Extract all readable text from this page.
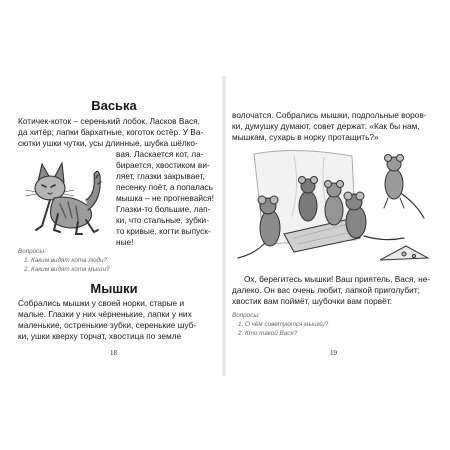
Васька
Котичек-коток – серенький лобок. Ласков Вася,
да хитёр; лапки бархатные, коготок остёр. У Ва-
сютки ушки чутки, усы длинные, шубка шёлко-
вая. Ласкается кот, ла-
бирается, хвостиком ви-
ляет, глазки закрывает,
песенку поёт, а попалась
мышка – не прогневайся!
Глазки-то большие, лап-
ки, что стальные, зубки-
то кривые, когти выпуск-
ные!
Вопросы:
1. Каким видят кота люди?
2. Каким видят кота мыши?
Мышки
Собрались мышки у своей норки, старые и
малые. Глазки у них чёрненькие, лапки у них
маленькие, остренькие зубки, серенькие шуб-
ки, ушки кверху торчат, хвостица по земле
18
волочатся. Собрались мышки, подпольные воров-
ки, думушку думают, совет держат: «Как бы нам,
мышкам, сухарь в норку протащить?»
Ох, берегитесь мышки! Ваш приятель, Вася, не-
далеко. Он вас очень любит, лапкой приголубит;
хвостик вам поймёт, шубочки вам порвёт.
Вопросы:
1. О чём советуются мышки?
2. Кто такой Вася?
19
